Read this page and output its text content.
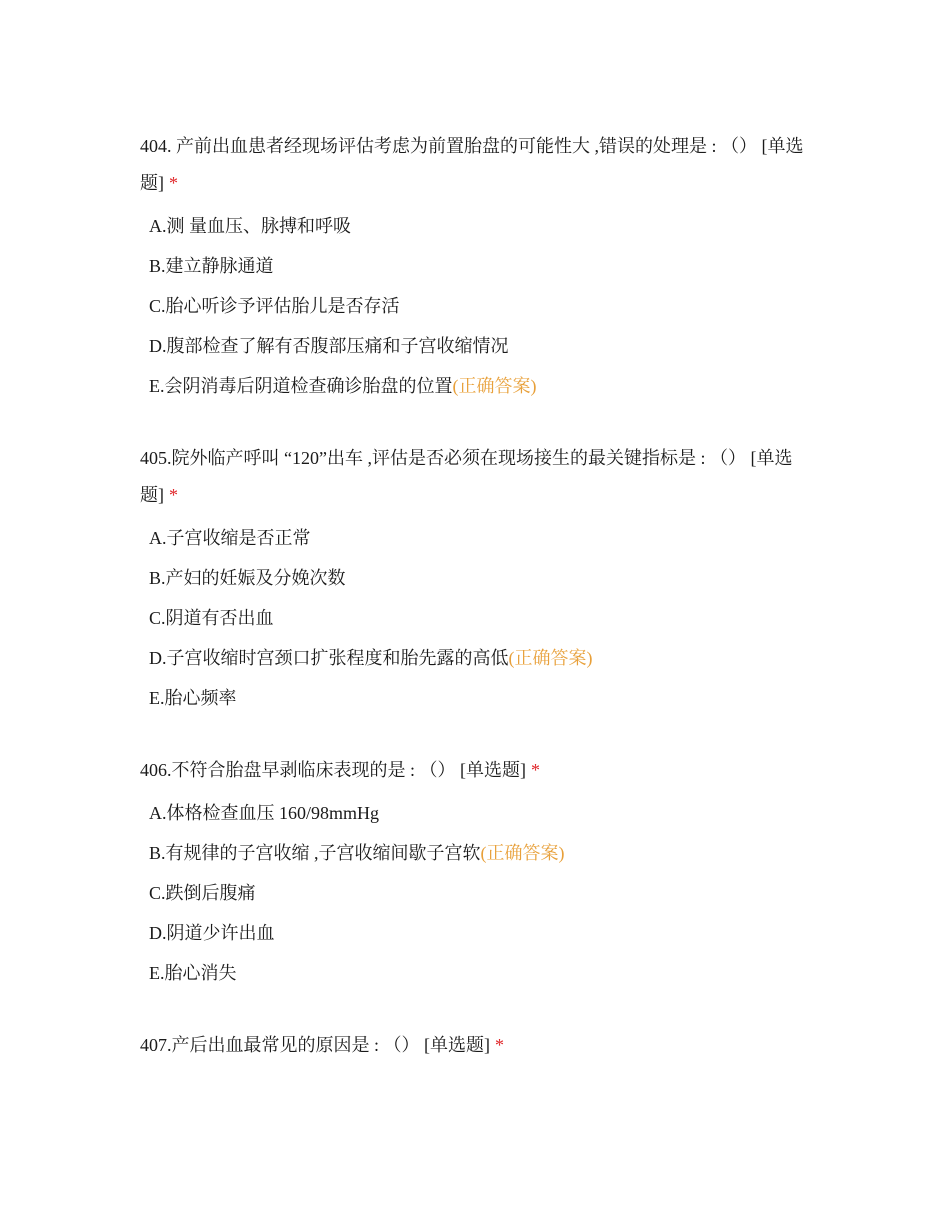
404. 产前出血患者经现场评估考虑为前置胎盘的可能性大 ,错误的处理是 : （） [单选题] *

A.测 量血压、脉搏和呼吸
B.建立静脉通道
C.胎心听诊予评估胎儿是否存活
D.腹部检查了解有否腹部压痛和子宫收缩情况
E.会阴消毒后阴道检查确诊胎盘的位置(正确答案)

405.院外临产呼叫 “120”出车 ,评估是否必须在现场接生的最关键指标是 : （） [单选题] *

A.子宫收缩是否正常
B.产妇的妊娠及分娩次数
C.阴道有否出血
D.子宫收缩时宫颈口扩张程度和胎先露的高低(正确答案)
E.胎心频率

406.不符合胎盘早剥临床表现的是 : （） [单选题] *

A.体格检查血压 160/98mmHg
B.有规律的子宫收缩 ,子宫收缩间歇子宫软(正确答案)
C.跌倒后腹痛
D.阴道少许出血
E.胎心消失

407.产后出血最常见的原因是 : （） [单选题] *
